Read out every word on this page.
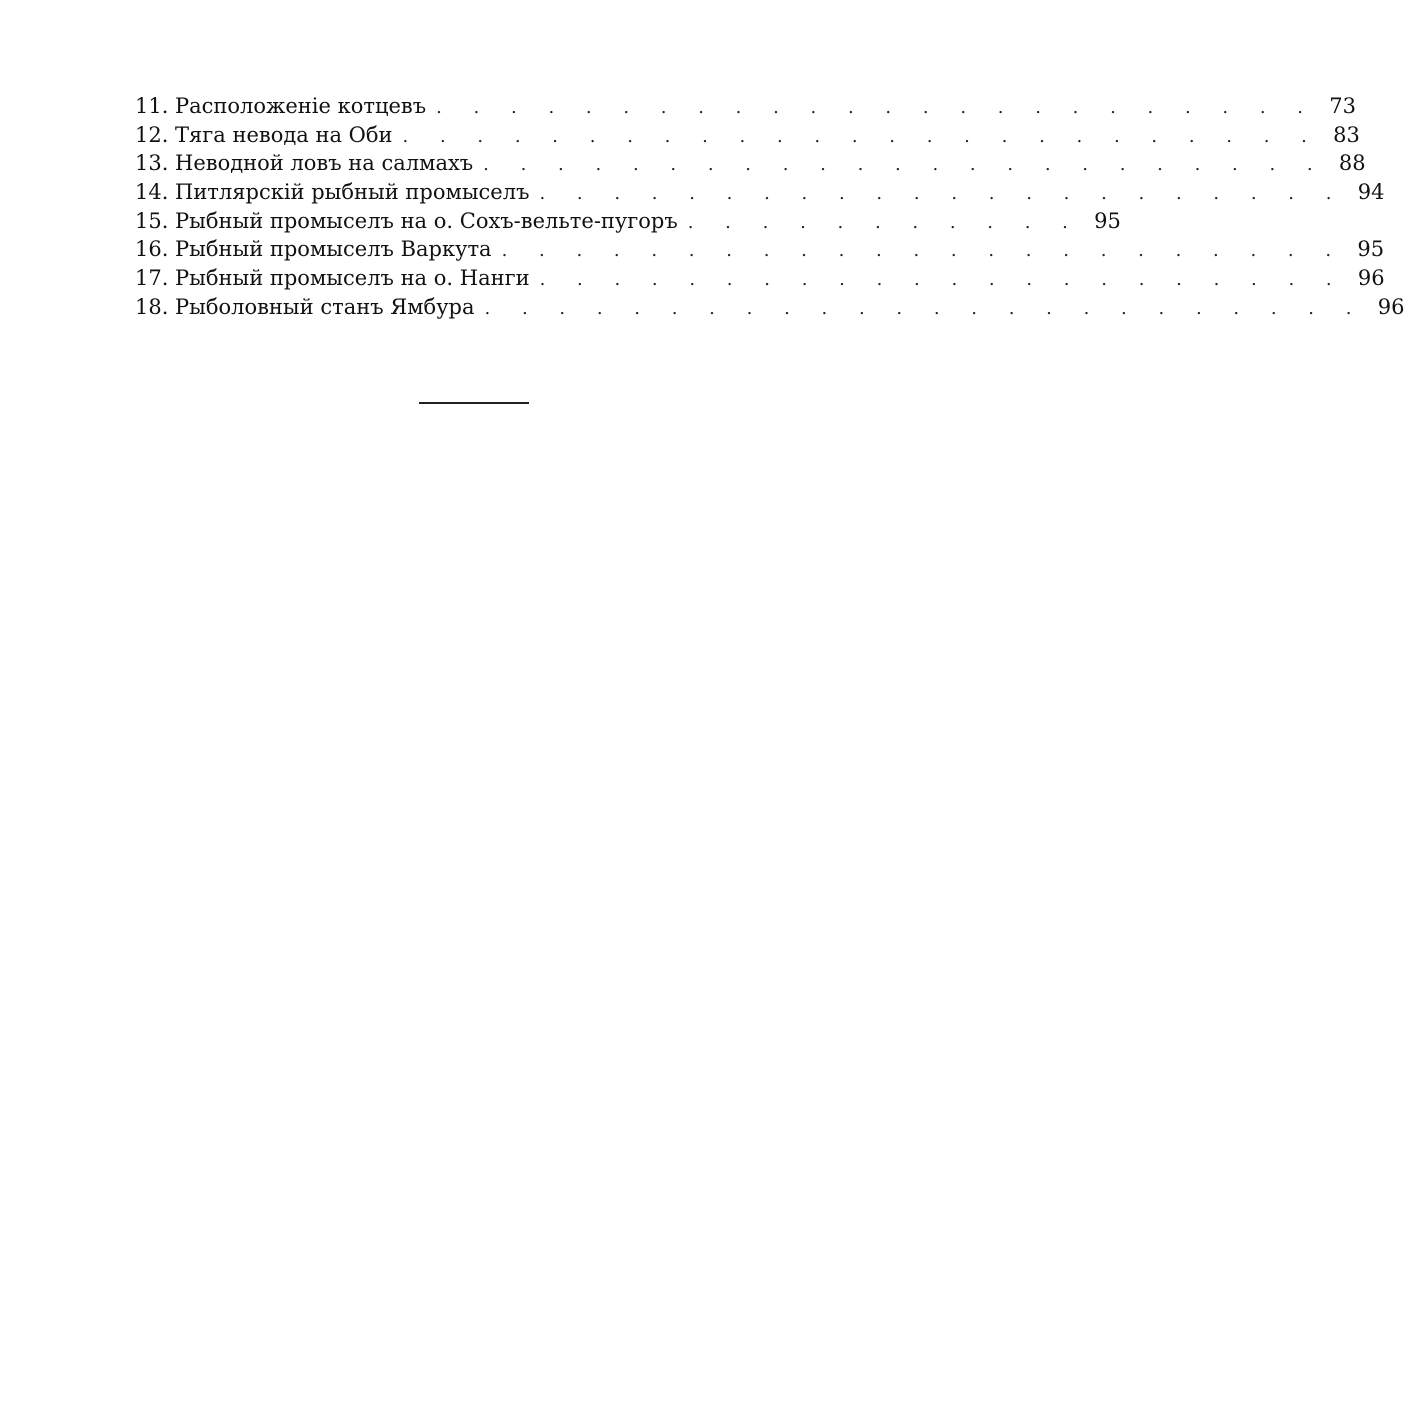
11. Расположеніе котцевъ . . . . . . . . . . . . . . . . . . . . . . . . 73
12. Тяга невода на Оби . . . . . . . . . . . . . . . . . . . . . . . . . 83
13. Неводной ловъ на салмахъ . . . . . . . . . . . . . . . . . . . . . . . 88
14. Питлярскій рыбный промыселъ . . . . . . . . . . . . . . . . . . . . . . 94
15. Рыбный промыселъ на о. Сохъ-вельте-пугоръ . . . . . . . . . . . 95
16. Рыбный промыселъ Варкута . . . . . . . . . . . . . . . . . . . . . . . 95
17. Рыбный промыселъ на о. Нанги . . . . . . . . . . . . . . . . . . . . . . 96
18. Рыболовный станъ Ямбура . . . . . . . . . . . . . . . . . . . . . . . . 96
